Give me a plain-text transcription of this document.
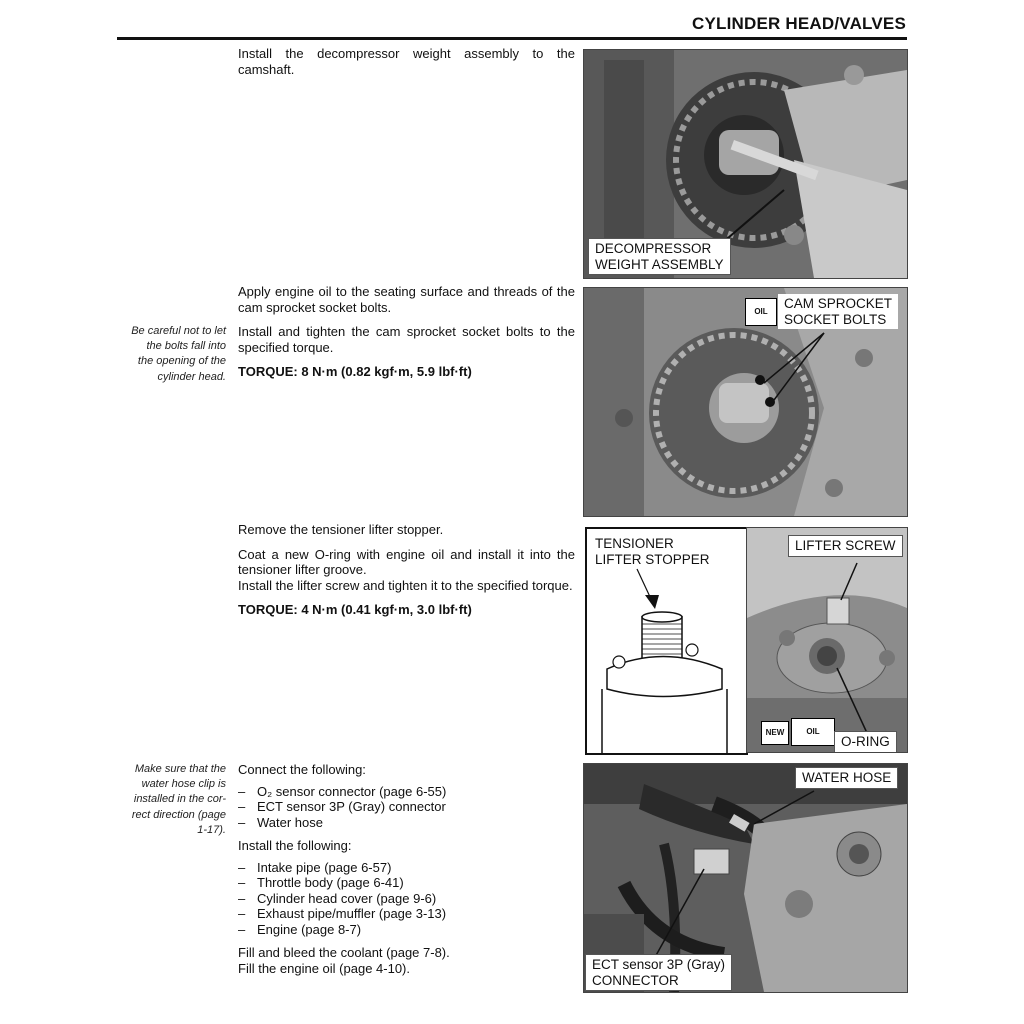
CYLINDER HEAD/VALVES

Install the decompressor weight assembly to the camshaft.

DECOMPRESSOR
WEIGHT ASSEMBLY

Apply engine oil to the seating surface and threads of the cam sprocket socket bolts.

Install and tighten the cam sprocket socket bolts to the specified torque.

TORQUE: 8 N·m (0.82 kgf·m, 5.9 lbf·ft)

Be careful not to let
the bolts fall into
the opening of the
cylinder head.
OIL
CAM SPROCKET
SOCKET BOLTS

Remove the tensioner lifter stopper.

Coat a new O-ring with engine oil and install it into the tensioner lifter groove.

Install the lifter screw and tighten it to the specified torque.

TORQUE: 4 N·m (0.41 kgf·m, 3.0 lbf·ft)

TENSIONER
LIFTER STOPPER
LIFTER SCREW
NEW	OIL
O-RING
Make sure that the
water hose clip is
installed in the cor-
rect direction (page
1-17).

Connect the following:

– O₂ sensor connector (page 6-55)
– ECT sensor 3P (Gray) connector
– Water hose

Install the following:

– Intake pipe (page 6-57)
– Throttle body (page 6-41)
– Cylinder head cover (page 9-6)
– Exhaust pipe/muffler (page 3-13)
– Engine (page 8-7)

Fill and bleed the coolant (page 7-8).

Fill the engine oil (page 4-10).

WATER HOSE
ECT sensor 3P (Gray)
CONNECTOR
